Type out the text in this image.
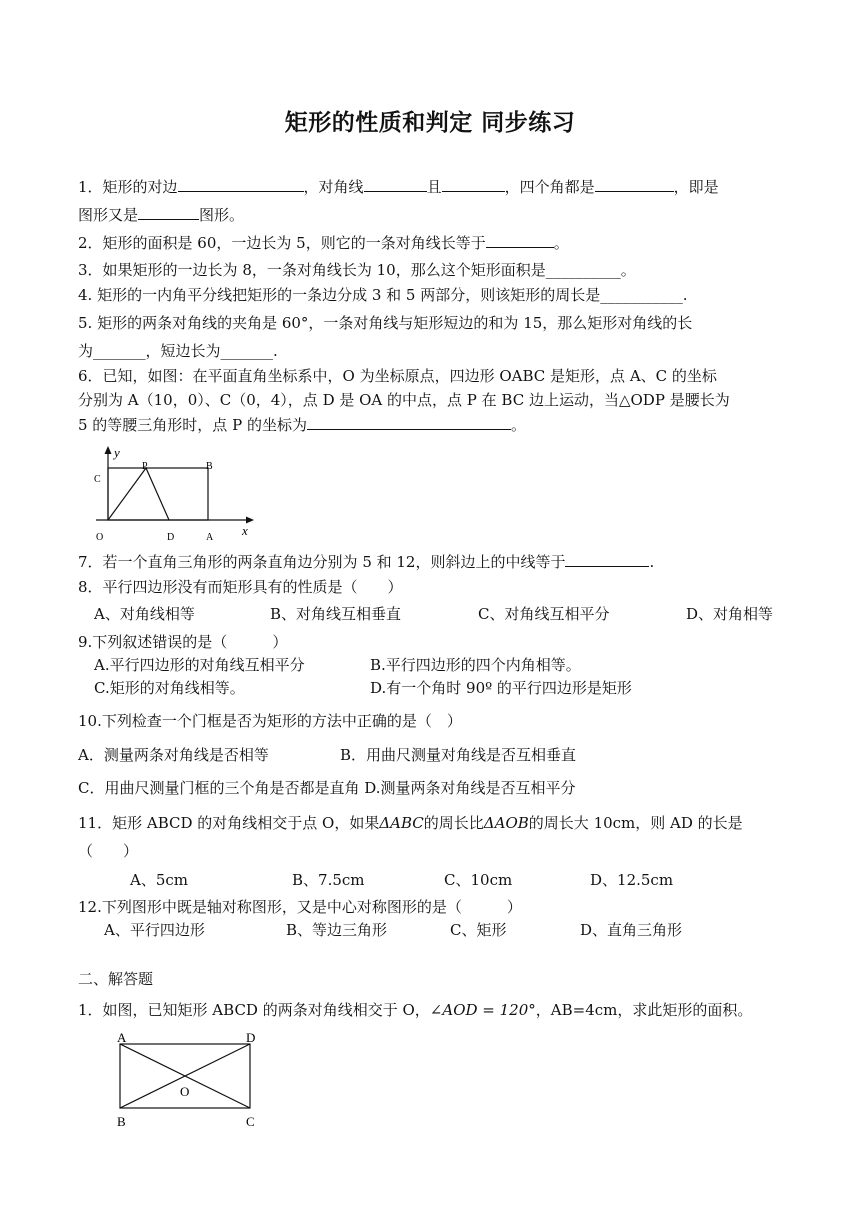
矩形的性质和判定 同步练习
1．矩形的对边	，对角线	且	，四个角都是	，即是
图形又是	图形。
2．矩形的面积是 60，一边长为 5，则它的一条对角线长等于	。
3．如果矩形的一边长为 8，一条对角线长为 10，那么这个矩形面积是__________。
4. 矩形的一内角平分线把矩形的一条边分成 3 和 5 两部分，则该矩形的周长是___________.
5. 矩形的两条对角线的夹角是 60°，一条对角线与矩形短边的和为 15，那么矩形对角线的长
为_______，短边长为_______.
6．已知，如图：在平面直角坐标系中，O 为坐标原点，四边形 OABC 是矩形，点 A、C 的坐标
分别为 A（10，0）、C（0，4），点 D 是 OA 的中点，点 P 在 BC 边上运动，当△ODP 是腰长为
5 的等腰三角形时，点 P 的坐标为	。
y
x
P	B
C
O	D	A
7．若一个直角三角形的两条直角边分别为 5 和 12，则斜边上的中线等于	.
8．平行四边形没有而矩形具有的性质是（　　）
A、对角线相等	B、对角线互相垂直	C、对角线互相平分	D、对角相等
9.下列叙述错误的是（　　　）
A.平行四边形的对角线互相平分	B.平行四边形的四个内角相等。
C.矩形的对角线相等。	D.有一个角时 90º 的平行四边形是矩形
10.下列检查一个门框是否为矩形的方法中正确的是（　）
A．测量两条对角线是否相等	B．用曲尺测量对角线是否互相垂直
C．用曲尺测量门框的三个角是否都是直角 D.测量两条对角线是否互相平分
11．矩形 ABCD 的对角线相交于点 O，如果ΔABC的周长比ΔAOB的周长大 10cm，则 AD 的长是
（　　）
A、5cm	B、7.5cm	C、10cm	D、12.5cm
12.下列图形中既是轴对称图形，又是中心对称图形的是（　　　）
A、平行四边形	B、等边三角形	C、矩形	D、直角三角形
二、解答题
1．如图，已知矩形 ABCD 的两条对角线相交于 O，∠AOD = 120°，AB=4cm，求此矩形的面积。
A	D
O
B	C
